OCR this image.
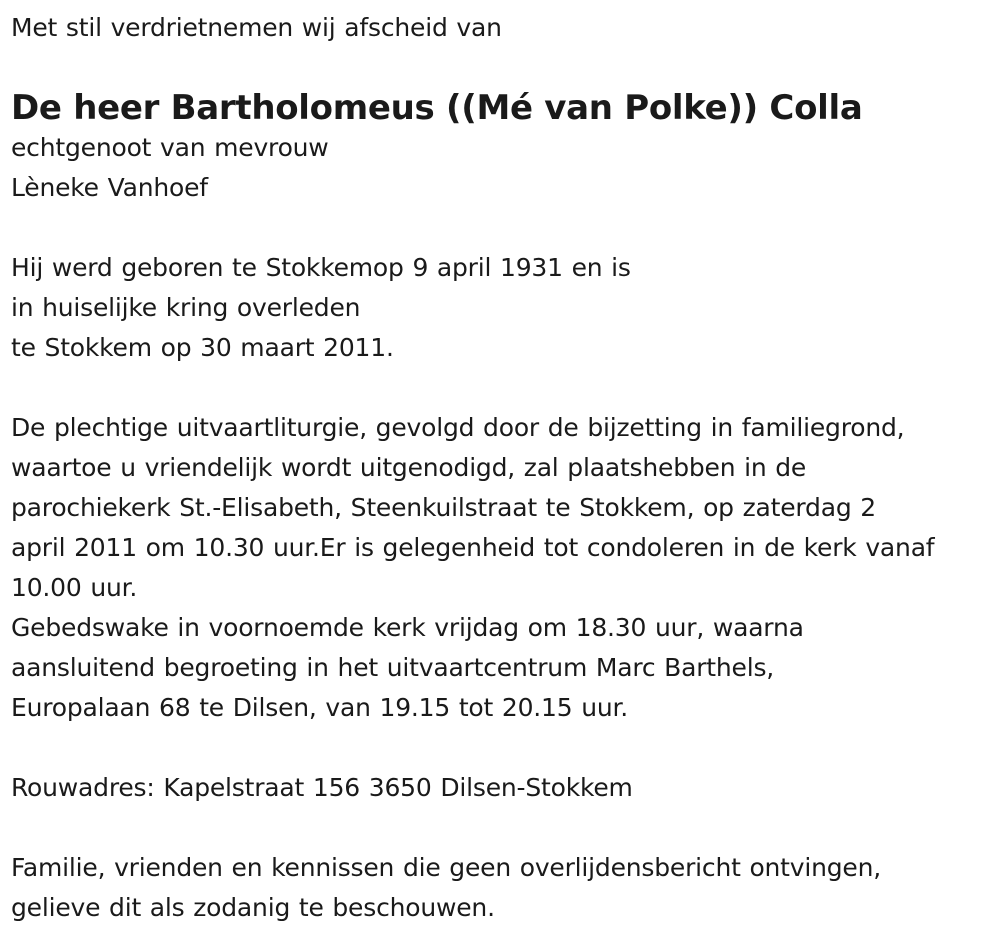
Met stil verdrietnemen wij afscheid van
De heer Bartholomeus ((Mé van Polke)) Colla
echtgenoot van mevrouw
Lèneke Vanhoef
Hij werd geboren te Stokkemop 9 april 1931 en is
in huiselijke kring overleden
te Stokkem op 30 maart 2011.
De plechtige uitvaartliturgie, gevolgd door de bijzetting in familiegrond,
waartoe u vriendelijk wordt uitgenodigd, zal plaatshebben in de
parochiekerk St.-Elisabeth, Steenkuilstraat te Stokkem, op zaterdag 2
april 2011 om 10.30 uur.Er is gelegenheid tot condoleren in de kerk vanaf
10.00 uur.
Gebedswake in voornoemde kerk vrijdag om 18.30 uur, waarna
aansluitend begroeting in het uitvaartcentrum Marc Barthels,
Europalaan 68 te Dilsen, van 19.15 tot 20.15 uur.
Rouwadres: Kapelstraat 156 3650 Dilsen-Stokkem
Familie, vrienden en kennissen die geen overlijdensbericht ontvingen,
gelieve dit als zodanig te beschouwen.
